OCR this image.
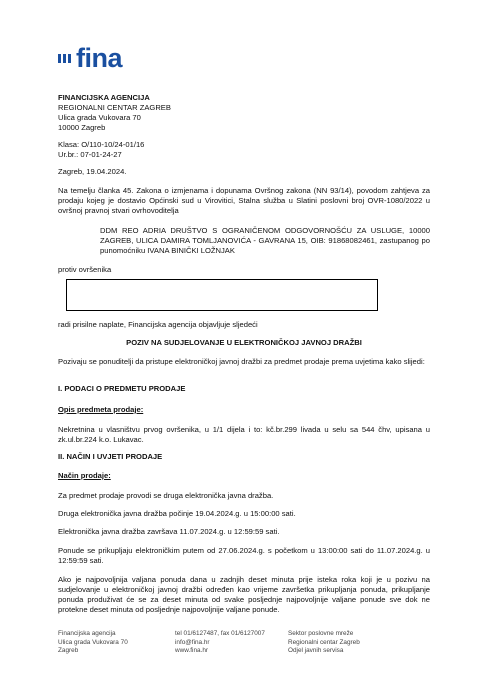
fina

FINANCIJSKA AGENCIJA

REGIONALNI CENTAR ZAGREB

Ulica grada Vukovara 70

10000 Zagreb

Klasa: O/110-10/24-01/16

Ur.br.: 07-01-24-27

Zagreb, 19.04.2024.
Na temelju članka 45. Zakona o izmjenama i dopunama Ovršnog zakona (NN 93/14), povodom zahtjeva za prodaju kojeg je dostavio Općinski sud u Virovitici, Stalna služba u Slatini poslovni broj OVR-1080/2022 u ovršnoj pravnoj stvari ovrhovoditelja
DDM REO ADRIA DRUŠTVO S OGRANIČENOM ODGOVORNOŠĆU ZA USLUGE, 10000 ZAGREB, ULICA DAMIRA TOMLJANOVIĆA - GAVRANA 15, OIB: 91868082461, zastupanog po punomoćniku IVANA BINIČKI LOŽNJAK
protiv ovršenika
radi prisilne naplate, Financijska agencija objavljuje sljedeći
POZIV NA SUDJELOVANJE U ELEKTRONIČKOJ JAVNOJ DRAŽBI
Pozivaju se ponuditelji da pristupe elektroničkoj javnoj dražbi za predmet prodaje prema uvjetima kako slijedi:
I. PODACI O PREDMETU PRODAJE
Opis predmeta prodaje:
Nekretnina u vlasništvu prvog ovršenika, u 1/1 dijela i to: kč.br.299 livada u selu sa 544 čhv, upisana u zk.ul.br.224 k.o. Lukavac.
II. NAČIN I UVJETI PRODAJE
Način prodaje:
Za predmet prodaje provodi se druga elektronička javna dražba.
Druga elektronička javna dražba počinje 19.04.2024.g. u 15:00:00 sati.
Elektronička javna dražba završava 11.07.2024.g. u 12:59:59 sati.
Ponude se prikupljaju elektroničkim putem od 27.06.2024.g. s početkom u 13:00:00 sati do 11.07.2024.g. u 12:59:59 sati.
Ako je najpovoljnija valjana ponuda dana u zadnjih deset minuta prije isteka roka koji je u pozivu na sudjelovanje u elektroničkoj javnoj dražbi određen kao vrijeme završetka prikupljanja ponuda, prikupljanje ponuda produživat će se za deset minuta od svake posljednje najpovoljnije valjane ponude sve dok ne protekne deset minuta od posljednje najpovoljnije valjane ponude.

Financijska agencija

Ulica grada Vukovara 70

Zagreb

tel 01/6127487, fax 01/6127007

info@fina.hr

www.fina.hr

Sektor poslovne mreže

Regionalni centar Zagreb

Odjel javnih servisa
